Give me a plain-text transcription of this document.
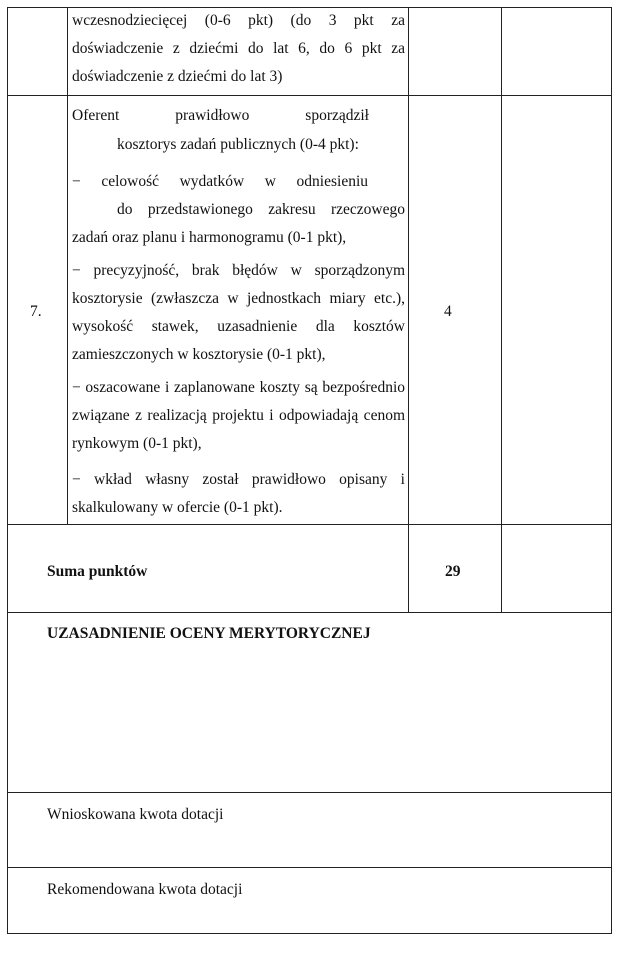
wczesnodziecięcej (0-6 pkt) (do 3 pkt za
doświadczenie z dziećmi do lat 6, do 6 pkt za
doświadczenie z dziećmi do lat 3)
7.	4
Oferent prawidłowo sporządził
kosztorys zadań publicznych (0-4 pkt):
− celowość wydatków w odniesieniu
do przedstawionego zakresu rzeczowego
zadań oraz planu i harmonogramu (0-1 pkt),
− precyzyjność, brak błędów w sporządzonym
kosztorysie (zwłaszcza w jednostkach miary etc.),
wysokość stawek, uzasadnienie dla kosztów
zamieszczonych w kosztorysie (0-1 pkt),
− oszacowane i zaplanowane koszty są bezpośrednio
związane z realizacją projektu i odpowiadają cenom
rynkowym (0-1 pkt),
− wkład własny został prawidłowo opisany i
skalkulowany w ofercie (0-1 pkt).
Suma punktów	29
UZASADNIENIE OCENY MERYTORYCZNEJ
Wnioskowana kwota dotacji
Rekomendowana kwota dotacji
